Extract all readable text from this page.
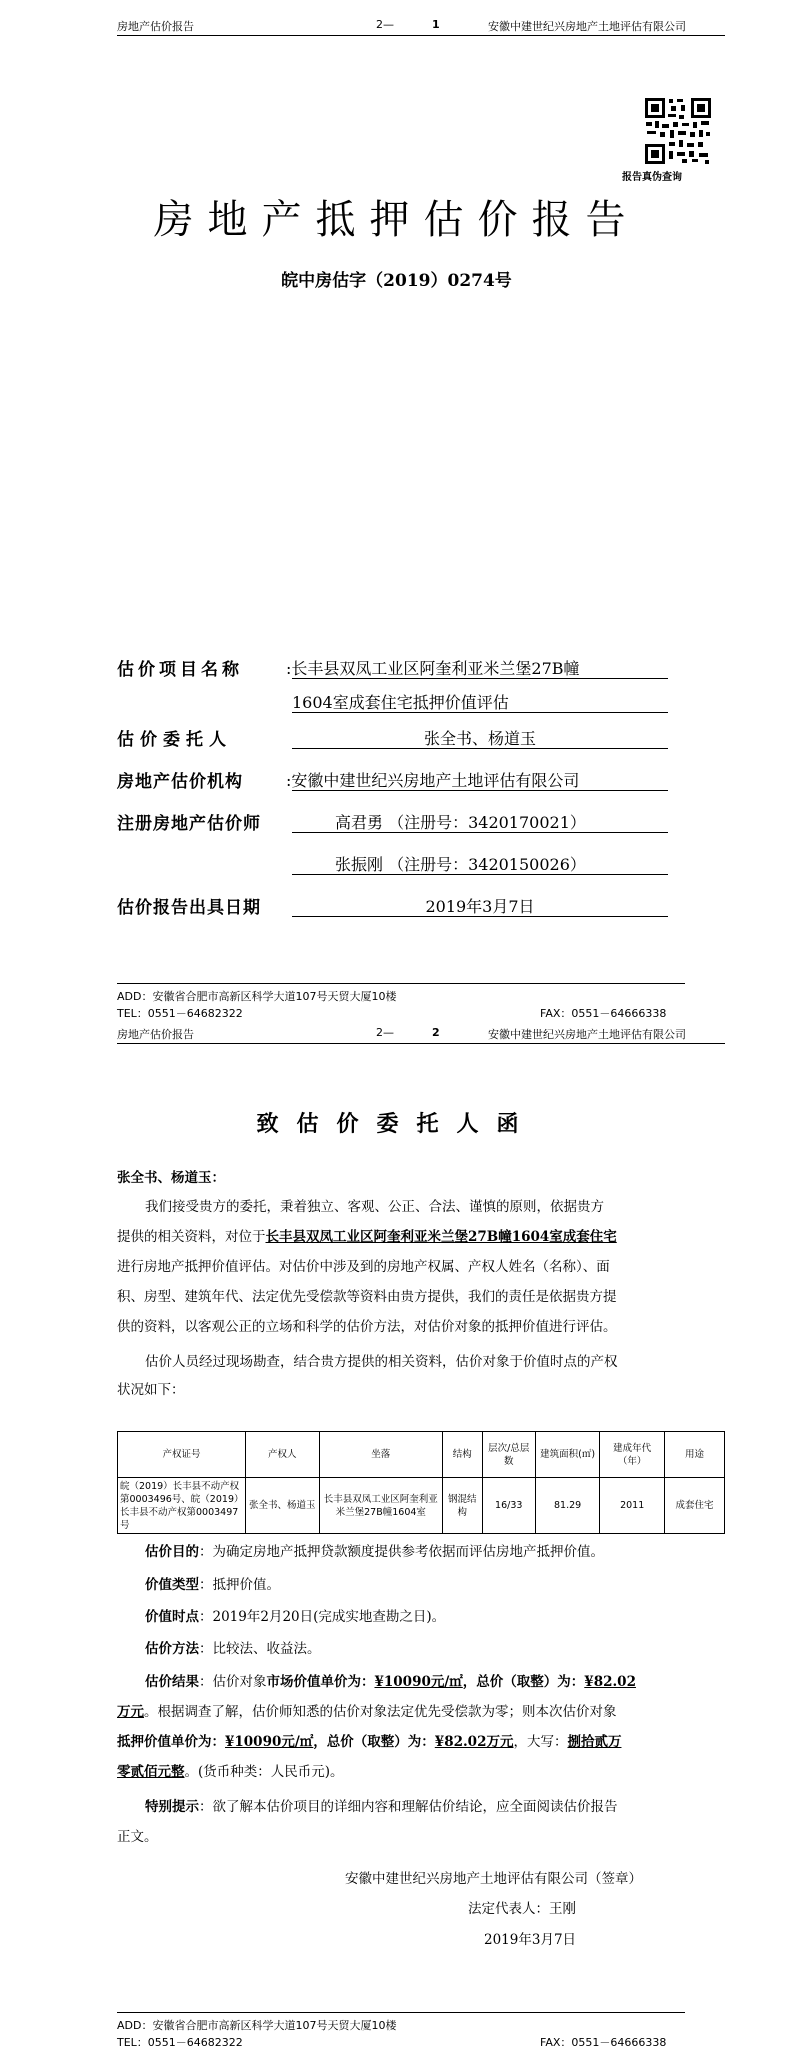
房地产估价报告	2—	1	安徽中建世纪兴房地产土地评估有限公司
报告真伪查询
房地产抵押估价报告
皖中房估字（2019）0274号
估价项目名称	:长丰县双凤工业区阿奎利亚米兰堡27B幢
1604室成套住宅抵押价值评估
估价委托人	张全书、杨道玉
房地产估价机构	:安徽中建世纪兴房地产土地评估有限公司
注册房地产估价师	高君勇 （注册号：3420170021）
张振刚 （注册号：3420150026）
估价报告出具日期	2019年3月7日
ADD：安徽省合肥市高新区科学大道107号天贸大厦10楼
TEL：0551－64682322	FAX：0551－64666338
房地产估价报告	2—	2	安徽中建世纪兴房地产土地评估有限公司
致估价委托人函
张全书、杨道玉：
我们接受贵方的委托，秉着独立、客观、公正、合法、谨慎的原则，依据贵方
提供的相关资料，对位于长丰县双凤工业区阿奎利亚米兰堡27B幢1604室成套住宅
进行房地产抵押价值评估。对估价中涉及到的房地产权属、产权人姓名（名称）、面
积、房型、建筑年代、法定优先受偿款等资料由贵方提供，我们的责任是依据贵方提
供的资料，以客观公正的立场和科学的估价方法，对估价对象的抵押价值进行评估。
估价人员经过现场勘查，结合贵方提供的相关资料，估价对象于价值时点的产权
状况如下：
产权证号	产权人	坐落	结构	层次/总层数	建筑面积(㎡)	建成年代（年）	用途
皖（2019）长丰县不动产权第0003496号、皖（2019）长丰县不动产权第0003497号	张全书、杨道玉	长丰县双凤工业区阿奎利亚米兰堡27B幢1604室	钢混结构	16/33	81.29	2011	成套住宅
估价目的：为确定房地产抵押贷款额度提供参考依据而评估房地产抵押价值。
价值类型：抵押价值。
价值时点：2019年2月20日(完成实地查勘之日)。
估价方法：比较法、收益法。
估价结果：估价对象市场价值单价为：¥10090元/㎡，总价（取整）为：¥82.02
万元。根据调查了解，估价师知悉的估价对象法定优先受偿款为零；则本次估价对象
抵押价值单价为：¥10090元/㎡，总价（取整）为：¥82.02万元，大写：捌拾贰万
零贰佰元整。(货币种类：人民币元)。
特别提示：欲了解本估价项目的详细内容和理解估价结论，应全面阅读估价报告
正文。
安徽中建世纪兴房地产土地评估有限公司（签章）
法定代表人：王刚
2019年3月7日
ADD：安徽省合肥市高新区科学大道107号天贸大厦10楼
TEL：0551－64682322	FAX：0551－64666338
